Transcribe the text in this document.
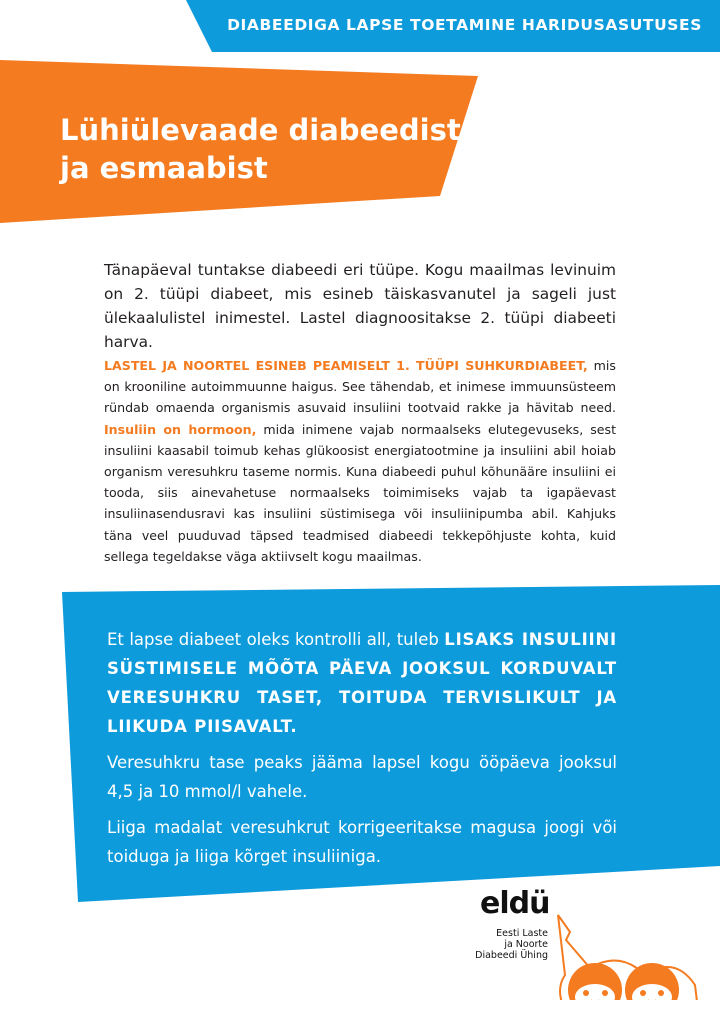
DIABEEDIGA LAPSE TOETAMINE HARIDUSASUTUSES
Lühiülevaade diabeedist
ja esmaabist

Tänapäeval tuntakse diabeedi eri tüüpe. Kogu maailmas levinuim on 2. tüüpi diabeet, mis esineb täiskasvanutel ja sageli just ülekaalulistel inimestel. Lastel diagnoositakse 2. tüüpi diabeeti harva.

LASTEL JA NOORTEL ESINEB PEAMISELT 1. TÜÜPI SUHKURDIABEET, mis on krooniline autoimmuunne haigus. See tähendab, et inimese immuunsüsteem ründab omaenda organismis asuvaid insuliini tootvaid rakke ja hävitab need. Insuliin on hormoon, mida inimene vajab normaalseks elutegevuseks, sest insuliini kaasabil toimub kehas glükoosist energiatootmine ja insuliini abil hoiab organism veresuhkru taseme normis. Kuna diabeedi puhul kõhunääre insuliini ei tooda, siis ainevahetuse normaalseks toimimiseks vajab ta igapäevast insuliinasendusravi kas insuliini süstimisega või insuliinipumba abil. Kahjuks täna veel puuduvad täpsed teadmised diabeedi tekkepõhjuste kohta, kuid sellega tegeldakse väga aktiivselt kogu maailmas.

Et lapse diabeet oleks kontrolli all, tuleb LISAKS INSULIINI SÜSTIMISELE MÕÕTA PÄEVA JOOKSUL KORDUVALT VERESUHKRU TASET, TOITUDA TERVISLIKULT JA LIIKUDA PIISAVALT.

Veresuhkru tase peaks jääma lapsel kogu ööpäeva jooksul 4,5 ja 10 mmol/l vahele.

Liiga madalat veresuhkrut korrigeeritakse magusa joogi või toiduga ja liiga kõrget insuliiniga.

eldü
Eesti Laste
ja Noorte
Diabeedi Ühing
